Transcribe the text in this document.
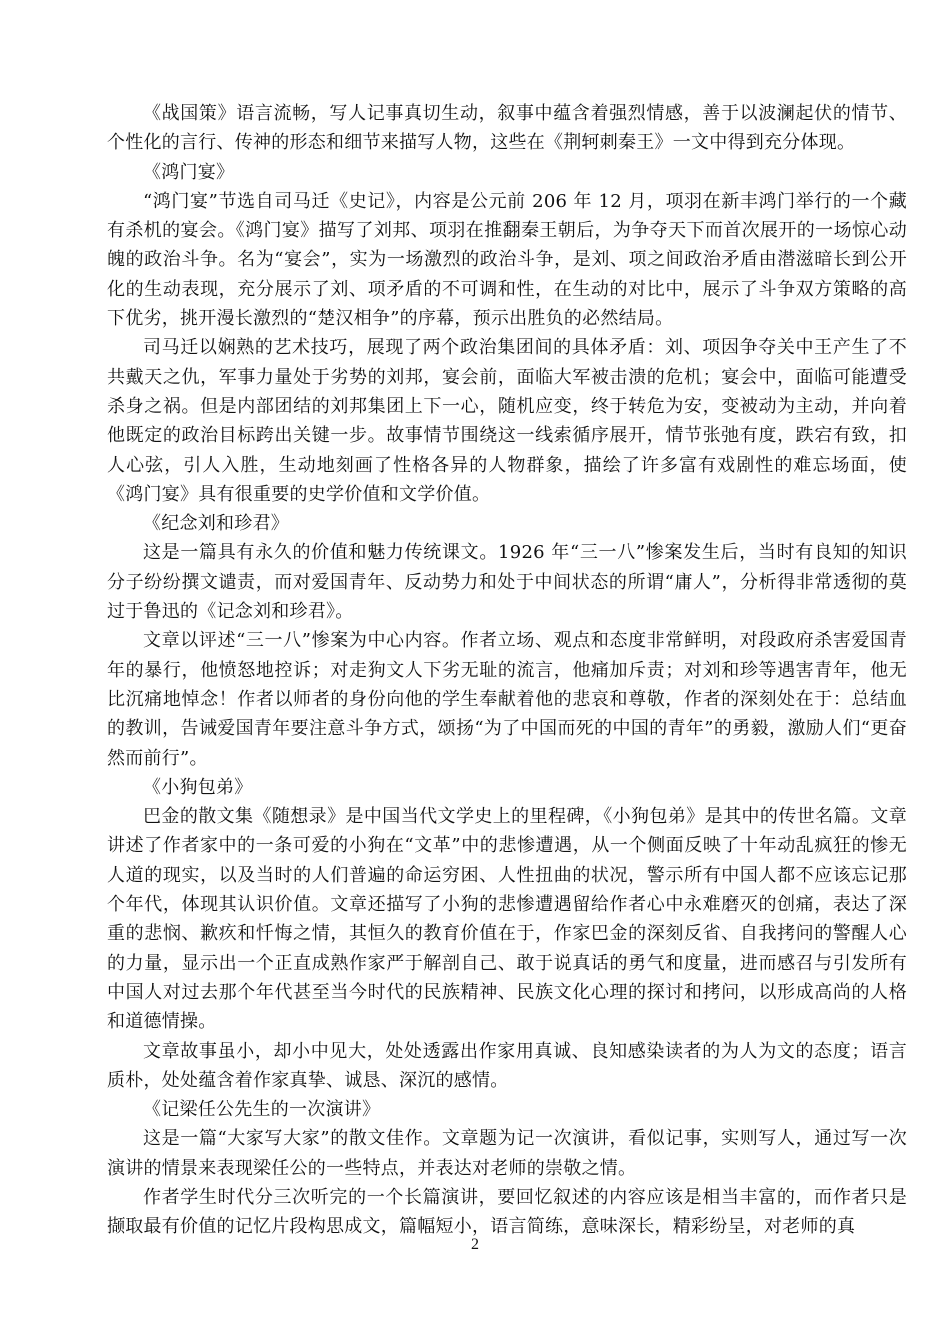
《战国策》语言流畅，写人记事真切生动，叙事中蕴含着强烈情感，善于以波澜起伏的情节、个性化的言行、传神的形态和细节来描写人物，这些在《荆轲刺秦王》一文中得到充分体现。

《鸿门宴》

“鸿门宴”节选自司马迁《史记》，内容是公元前 206 年 12 月，项羽在新丰鸿门举行的一个藏有杀机的宴会。《鸿门宴》描写了刘邦、项羽在推翻秦王朝后，为争夺天下而首次展开的一场惊心动魄的政治斗争。名为“宴会”，实为一场激烈的政治斗争，是刘、项之间政治矛盾由潜滋暗长到公开化的生动表现，充分展示了刘、项矛盾的不可调和性，在生动的对比中，展示了斗争双方策略的高下优劣，挑开漫长激烈的“楚汉相争”的序幕，预示出胜负的必然结局。

司马迁以娴熟的艺术技巧，展现了两个政治集团间的具体矛盾：刘、项因争夺关中王产生了不共戴天之仇，军事力量处于劣势的刘邦，宴会前，面临大军被击溃的危机；宴会中，面临可能遭受杀身之祸。但是内部团结的刘邦集团上下一心，随机应变，终于转危为安，变被动为主动，并向着他既定的政治目标跨出关键一步。故事情节围绕这一线索循序展开，情节张弛有度，跌宕有致，扣人心弦，引人入胜，生动地刻画了性格各异的人物群象，描绘了许多富有戏剧性的难忘场面，使《鸿门宴》具有很重要的史学价值和文学价值。

《纪念刘和珍君》

这是一篇具有永久的价值和魅力传统课文。1926 年“三一八”惨案发生后，当时有良知的知识分子纷纷撰文谴责，而对爱国青年、反动势力和处于中间状态的所谓“庸人”，分析得非常透彻的莫过于鲁迅的《记念刘和珍君》。

文章以评述“三一八”惨案为中心内容。作者立场、观点和态度非常鲜明，对段政府杀害爱国青年的暴行，他愤怒地控诉；对走狗文人下劣无耻的流言，他痛加斥责；对刘和珍等遇害青年，他无比沉痛地悼念！作者以师者的身份向他的学生奉献着他的悲哀和尊敬，作者的深刻处在于：总结血的教训，告诫爱国青年要注意斗争方式，颂扬“为了中国而死的中国的青年”的勇毅，激励人们“更奋然而前行”。

《小狗包弟》

巴金的散文集《随想录》是中国当代文学史上的里程碑，《小狗包弟》是其中的传世名篇。文章讲述了作者家中的一条可爱的小狗在“文革”中的悲惨遭遇，从一个侧面反映了十年动乱疯狂的惨无人道的现实，以及当时的人们普遍的命运穷困、人性扭曲的状况，警示所有中国人都不应该忘记那个年代，体现其认识价值。文章还描写了小狗的悲惨遭遇留给作者心中永难磨灭的创痛，表达了深重的悲悯、歉疚和忏悔之情，其恒久的教育价值在于，作家巴金的深刻反省、自我拷问的警醒人心的力量，显示出一个正直成熟作家严于解剖自己、敢于说真话的勇气和度量，进而感召与引发所有中国人对过去那个年代甚至当今时代的民族精神、民族文化心理的探讨和拷问，以形成高尚的人格和道德情操。

文章故事虽小，却小中见大，处处透露出作家用真诚、良知感染读者的为人为文的态度；语言质朴，处处蕴含着作家真挚、诚恳、深沉的感情。

《记梁任公先生的一次演讲》

这是一篇“大家写大家”的散文佳作。文章题为记一次演讲，看似记事，实则写人，通过写一次演讲的情景来表现梁任公的一些特点，并表达对老师的崇敬之情。

作者学生时代分三次听完的一个长篇演讲，要回忆叙述的内容应该是相当丰富的，而作者只是撷取最有价值的记忆片段构思成文，篇幅短小，语言简练，意味深长，精彩纷呈，对老师的真

2
